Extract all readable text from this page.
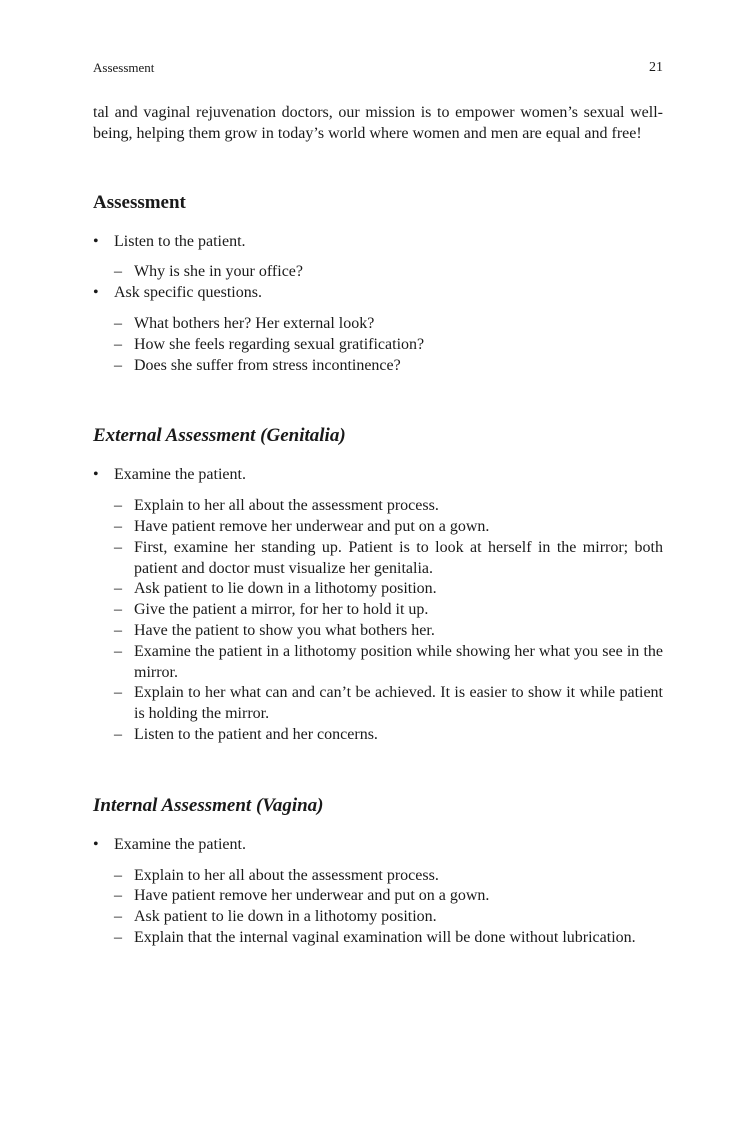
Assessment	21

tal and vaginal rejuvenation doctors, our mission is to empower women’s sexual well-being, helping them grow in today’s world where women and men are equal and free!

Assessment
• Listen to the patient.
– Why is she in your office?
• Ask specific questions.
– What bothers her? Her external look?
– How she feels regarding sexual gratification?
– Does she suffer from stress incontinence?
External Assessment (Genitalia)
• Examine the patient.
– Explain to her all about the assessment process.
– Have patient remove her underwear and put on a gown.
– First, examine her standing up. Patient is to look at herself in the mirror; both patient and doctor must visualize her genitalia.
– Ask patient to lie down in a lithotomy position.
– Give the patient a mirror, for her to hold it up.
– Have the patient to show you what bothers her.
– Examine the patient in a lithotomy position while showing her what you see in the mirror.
– Explain to her what can and can’t be achieved. It is easier to show it while patient is holding the mirror.
– Listen to the patient and her concerns.
Internal Assessment (Vagina)
• Examine the patient.
– Explain to her all about the assessment process.
– Have patient remove her underwear and put on a gown.
– Ask patient to lie down in a lithotomy position.
– Explain that the internal vaginal examination will be done without lubrication.
